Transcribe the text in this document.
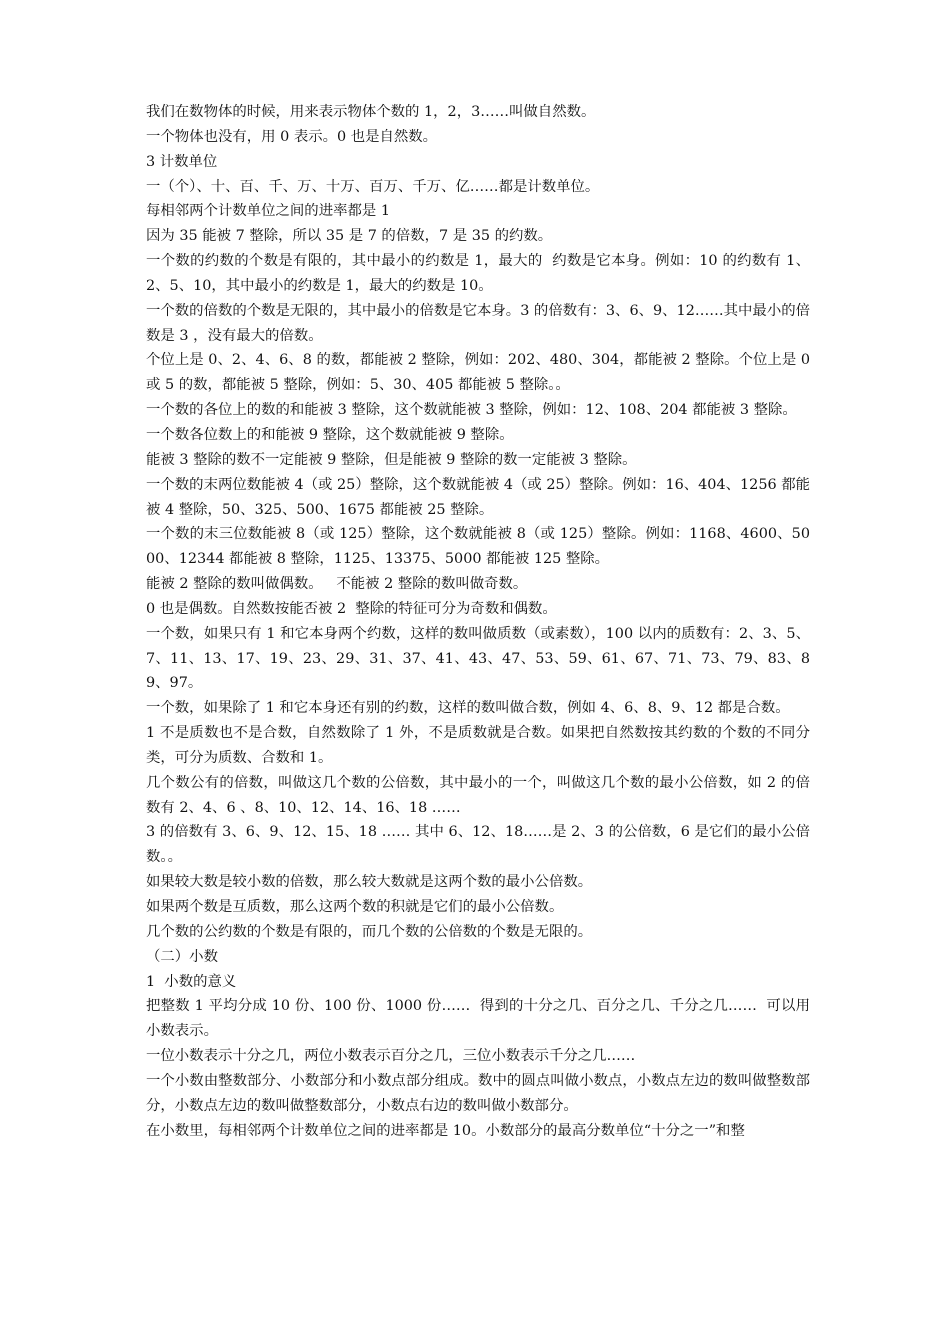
我们在数物体的时候，用来表示物体个数的 1，2，3……叫做自然数。

一个物体也没有，用 0 表示。0 也是自然数。

3 计数单位

一（个）、十、百、千、万、十万、百万、千万、亿……都是计数单位。

每相邻两个计数单位之间的进率都是 1

因为 35 能被 7 整除，所以 35 是 7 的倍数，7 是 35 的约数。

一个数的约数的个数是有限的，其中最小的约数是 1，最大的  约数是它本身。例如：10 的约数有 1、2、5、10，其中最小的约数是 1，最大的约数是 10。

一个数的倍数的个数是无限的，其中最小的倍数是它本身。3 的倍数有：3、6、9、12……其中最小的倍数是 3 ，没有最大的倍数。

个位上是 0、2、4、6、8 的数，都能被 2 整除，例如：202、480、304，都能被 2 整除。个位上是 0 或 5 的数，都能被 5 整除，例如：5、30、405 都能被 5 整除。。

一个数的各位上的数的和能被 3 整除，这个数就能被 3 整除，例如：12、108、204 都能被 3 整除。

一个数各位数上的和能被 9 整除，这个数就能被 9 整除。

能被 3 整除的数不一定能被 9 整除，但是能被 9 整除的数一定能被 3 整除。

一个数的末两位数能被 4（或 25）整除，这个数就能被 4（或 25）整除。例如：16、404、1256 都能被 4 整除，50、325、500、1675 都能被 25 整除。

一个数的末三位数能被 8（或 125）整除，这个数就能被 8（或 125）整除。例如：1168、4600、5000、12344 都能被 8 整除，1125、13375、5000 都能被 125 整除。

能被 2 整除的数叫做偶数。   不能被 2 整除的数叫做奇数。

0 也是偶数。自然数按能否被 2  整除的特征可分为奇数和偶数。

一个数，如果只有 1 和它本身两个约数，这样的数叫做质数（或素数），100 以内的质数有：2、3、5、7、11、13、17、19、23、29、31、37、41、43、47、53、59、61、67、71、73、79、83、89、97。

一个数，如果除了 1 和它本身还有别的约数，这样的数叫做合数，例如 4、6、8、9、12 都是合数。

1 不是质数也不是合数，自然数除了 1 外，不是质数就是合数。如果把自然数按其约数的个数的不同分类，可分为质数、合数和 1。

几个数公有的倍数，叫做这几个数的公倍数，其中最小的一个，叫做这几个数的最小公倍数，如 2 的倍数有 2、4、6 、8、10、12、14、16、18 ……

3 的倍数有 3、6、9、12、15、18 …… 其中 6、12、18……是 2、3 的公倍数，6 是它们的最小公倍数。。

如果较大数是较小数的倍数，那么较大数就是这两个数的最小公倍数。

如果两个数是互质数，那么这两个数的积就是它们的最小公倍数。

几个数的公约数的个数是有限的，而几个数的公倍数的个数是无限的。

（二）小数

1  小数的意义

把整数 1 平均分成 10 份、100 份、1000 份……  得到的十分之几、百分之几、千分之几……  可以用小数表示。

一位小数表示十分之几，两位小数表示百分之几，三位小数表示千分之几……

一个小数由整数部分、小数部分和小数点部分组成。数中的圆点叫做小数点，小数点左边的数叫做整数部分，小数点左边的数叫做整数部分，小数点右边的数叫做小数部分。

在小数里，每相邻两个计数单位之间的进率都是 10。小数部分的最高分数单位“十分之一”和整
